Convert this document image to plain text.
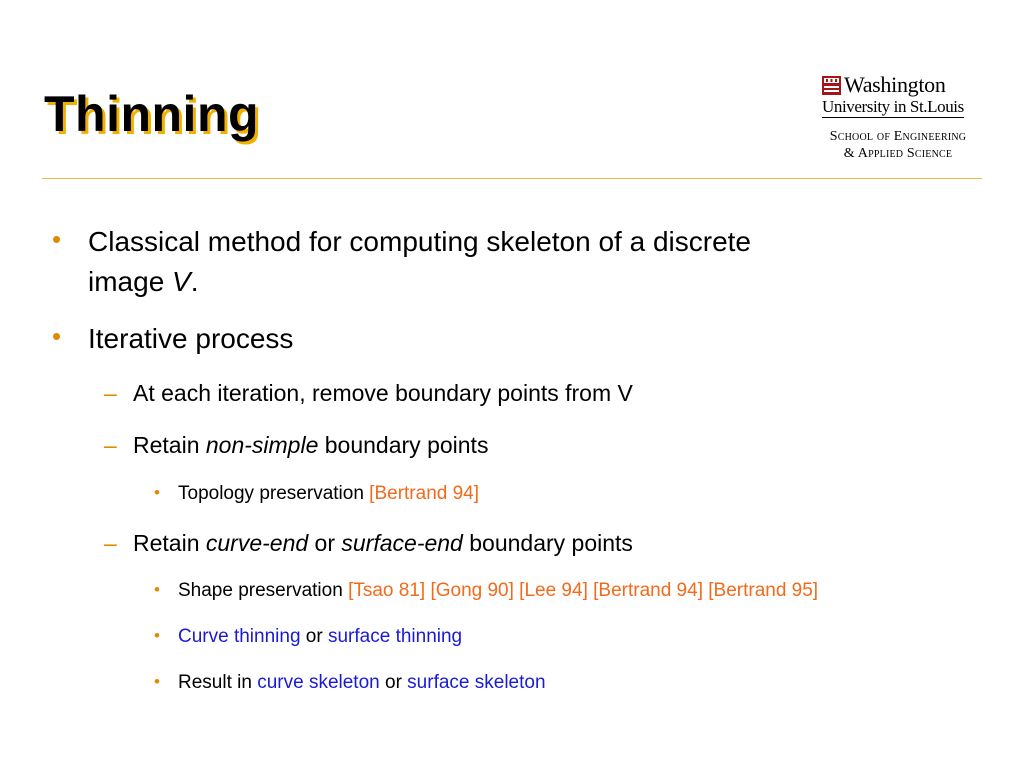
Thinning
Washington
University in St.Louis
School of Engineering
& Applied Science
• Classical method for computing skeleton of a discrete
image V.
• Iterative process
– At each iteration, remove boundary points from V
– Retain non-simple boundary points
• Topology preservation [Bertrand 94]
– Retain curve-end or surface-end boundary points
• Shape preservation [Tsao 81] [Gong 90] [Lee 94] [Bertrand 94] [Bertrand 95]
• Curve thinning or surface thinning
• Result in curve skeleton or surface skeleton
